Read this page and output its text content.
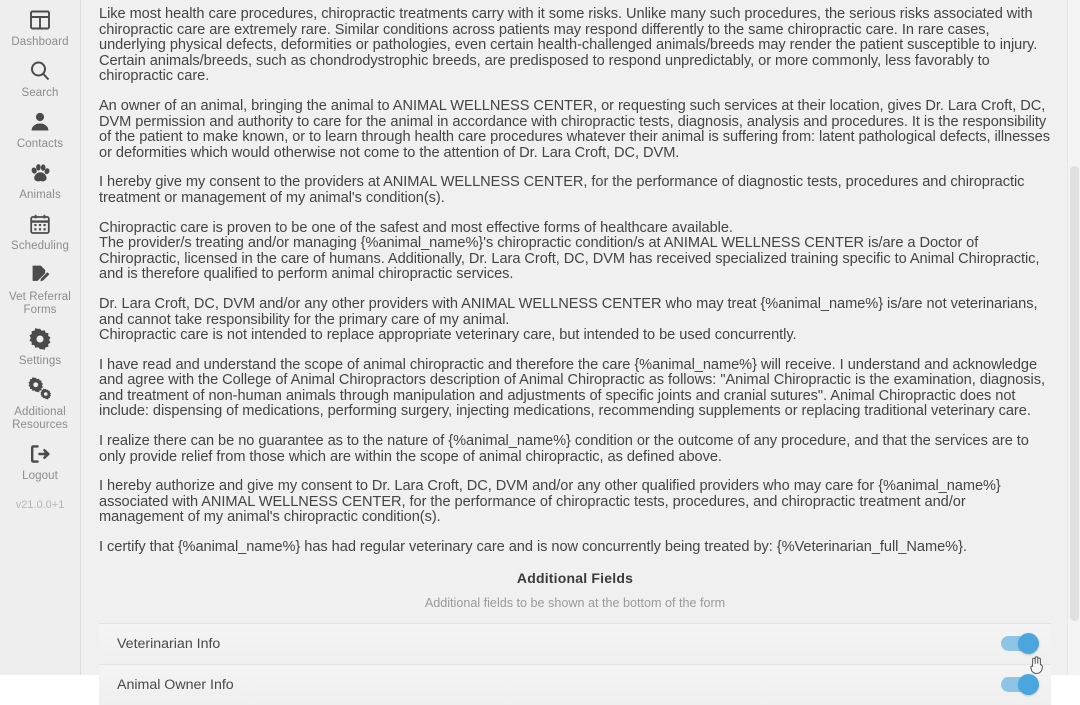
Dashboard
Search
Contacts
Animals
Scheduling
Vet Referral Forms
Settings
Additional Resources
Logout
v21.0.0+1

Like most health care procedures, chiropractic treatments carry with it some risks. Unlike many such procedures, the serious risks associated with chiropractic care are extremely rare. Similar conditions across patients may respond differently to the same chiropractic care. In rare cases, underlying physical defects, deformities or pathologies, even certain health-challenged animals/breeds may render the patient susceptible to injury. Certain animals/breeds, such as chondrodystrophic breeds, are predisposed to respond unpredictably, or more commonly, less favorably to chiropractic care.

An owner of an animal, bringing the animal to ANIMAL WELLNESS CENTER, or requesting such services at their location, gives Dr. Lara Croft, DC, DVM permission and authority to care for the animal in accordance with chiropractic tests, diagnosis, analysis and procedures. It is the responsibility of the patient to make known, or to learn through health care procedures whatever their animal is suffering from: latent pathological defects, illnesses or deformities which would otherwise not come to the attention of Dr. Lara Croft, DC, DVM.

I hereby give my consent to the providers at ANIMAL WELLNESS CENTER, for the performance of diagnostic tests, procedures and chiropractic treatment or management of my animal's condition(s).

Chiropractic care is proven to be one of the safest and most effective forms of healthcare available.

The provider/s treating and/or managing {%animal_name%}'s chiropractic condition/s at ANIMAL WELLNESS CENTER is/are a Doctor of Chiropractic, licensed in the care of humans. Additionally, Dr. Lara Croft, DC, DVM has received specialized training specific to Animal Chiropractic, and is therefore qualified to perform animal chiropractic services.

Dr. Lara Croft, DC, DVM and/or any other providers with ANIMAL WELLNESS CENTER who may treat {%animal_name%} is/are not veterinarians, and cannot take responsibility for the primary care of my animal.

Chiropractic care is not intended to replace appropriate veterinary care, but intended to be used concurrently.

I have read and understand the scope of animal chiropractic and therefore the care {%animal_name%} will receive. I understand and acknowledge and agree with the College of Animal Chiropractors description of Animal Chiropractic as follows: "Animal Chiropractic is the examination, diagnosis, and treatment of non-human animals through manipulation and adjustments of specific joints and cranial sutures". Animal Chiropractic does not include: dispensing of medications, performing surgery, injecting medications, recommending supplements or replacing traditional veterinary care.

I realize there can be no guarantee as to the nature of {%animal_name%} condition or the outcome of any procedure, and that the services are to only provide relief from those which are within the scope of animal chiropractic, as defined above.

I hereby authorize and give my consent to Dr. Lara Croft, DC, DVM and/or any other qualified providers who may care for {%animal_name%} associated with ANIMAL WELLNESS CENTER, for the performance of chiropractic tests, procedures, and chiropractic treatment and/or management of my animal's chiropractic condition(s).

I certify that {%animal_name%} has had regular veterinary care and is now concurrently being treated by: {%Veterinarian_full_Name%}.

Additional Fields
Additional fields to be shown at the bottom of the form
Veterinarian Info
Animal Owner Info
